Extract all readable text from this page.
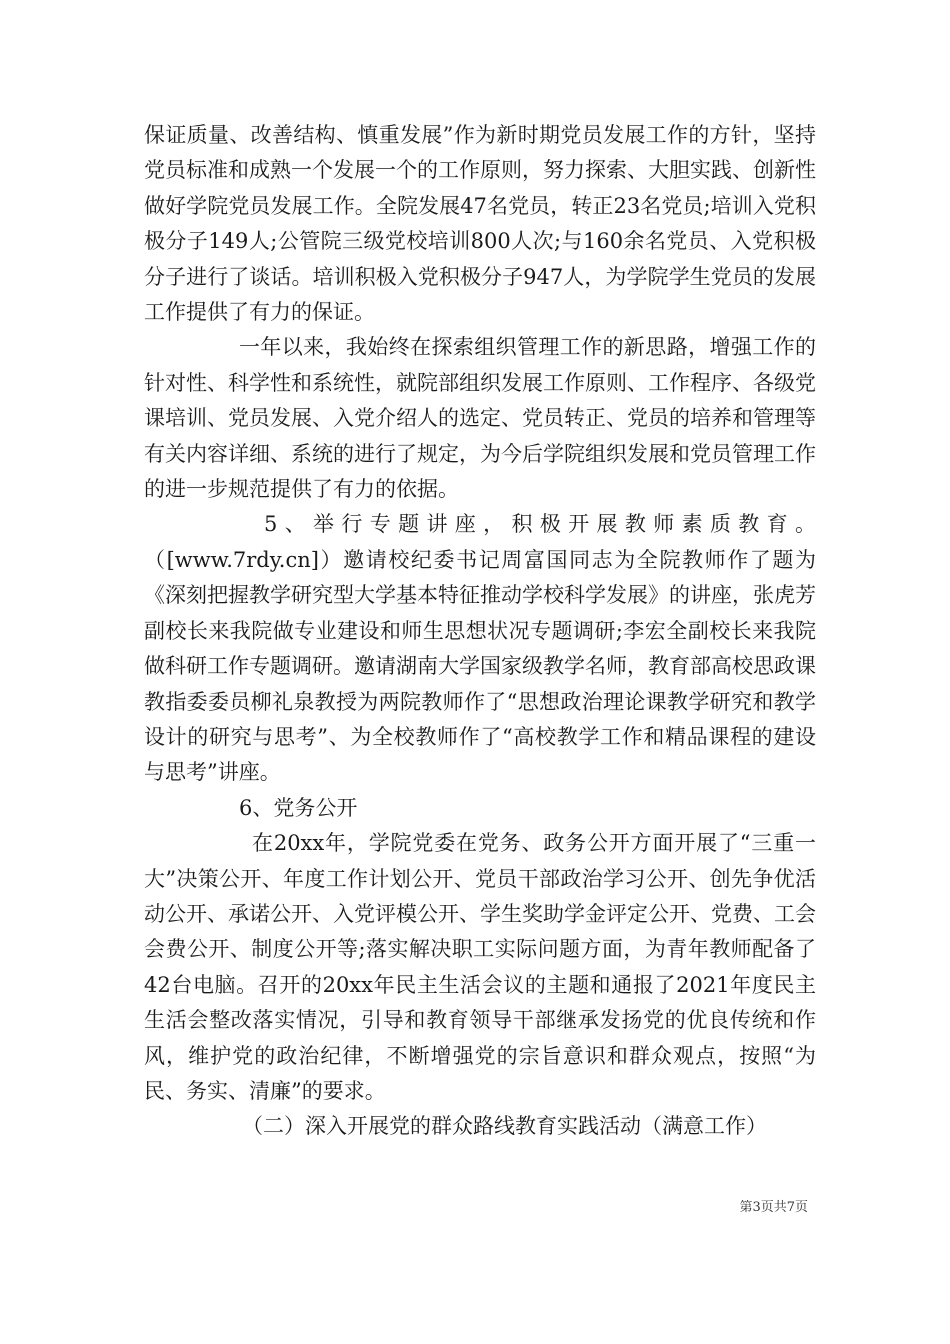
保证质量、改善结构、慎重发展”作为新时期党员发展工作的方针，坚持党员标准和成熟一个发展一个的工作原则，努力探索、大胆实践、创新性做好学院党员发展工作。全院发展47名党员，转正23名党员;培训入党积极分子149人;公管院三级党校培训800人次;与160余名党员、入党积极分子进行了谈话。培训积极入党积极分子947人，为学院学生党员的发展工作提供了有力的保证。

一年以来，我始终在探索组织管理工作的新思路，增强工作的针对性、科学性和系统性，就院部组织发展工作原则、工作程序、各级党课培训、党员发展、入党介绍人的选定、党员转正、党员的培养和管理等有关内容详细、系统的进行了规定，为今后学院组织发展和党员管理工作的进一步规范提供了有力的依据。

5、举行专题讲座，积极开展教师素质教育。（[www.7rdy.cn]）邀请校纪委书记周富国同志为全院教师作了题为《深刻把握教学研究型大学基本特征推动学校科学发展》的讲座，张虎芳副校长来我院做专业建设和师生思想状况专题调研;李宏全副校长来我院做科研工作专题调研。邀请湖南大学国家级教学名师，教育部高校思政课教指委委员柳礼泉教授为两院教师作了“思想政治理论课教学研究和教学设计的研究与思考”、为全校教师作了“高校教学工作和精品课程的建设与思考”讲座。

6、党务公开

在20xx年，学院党委在党务、政务公开方面开展了“三重一大”决策公开、年度工作计划公开、党员干部政治学习公开、创先争优活动公开、承诺公开、入党评模公开、学生奖助学金评定公开、党费、工会会费公开、制度公开等;落实解决职工实际问题方面，为青年教师配备了42台电脑。召开的20xx年民主生活会议的主题和通报了2021年度民主生活会整改落实情况，引导和教育领导干部继承发扬党的优良传统和作风，维护党的政治纪律，不断增强党的宗旨意识和群众观点，按照“为民、务实、清廉”的要求。

（二）深入开展党的群众路线教育实践活动（满意工作）

第3页共7页
